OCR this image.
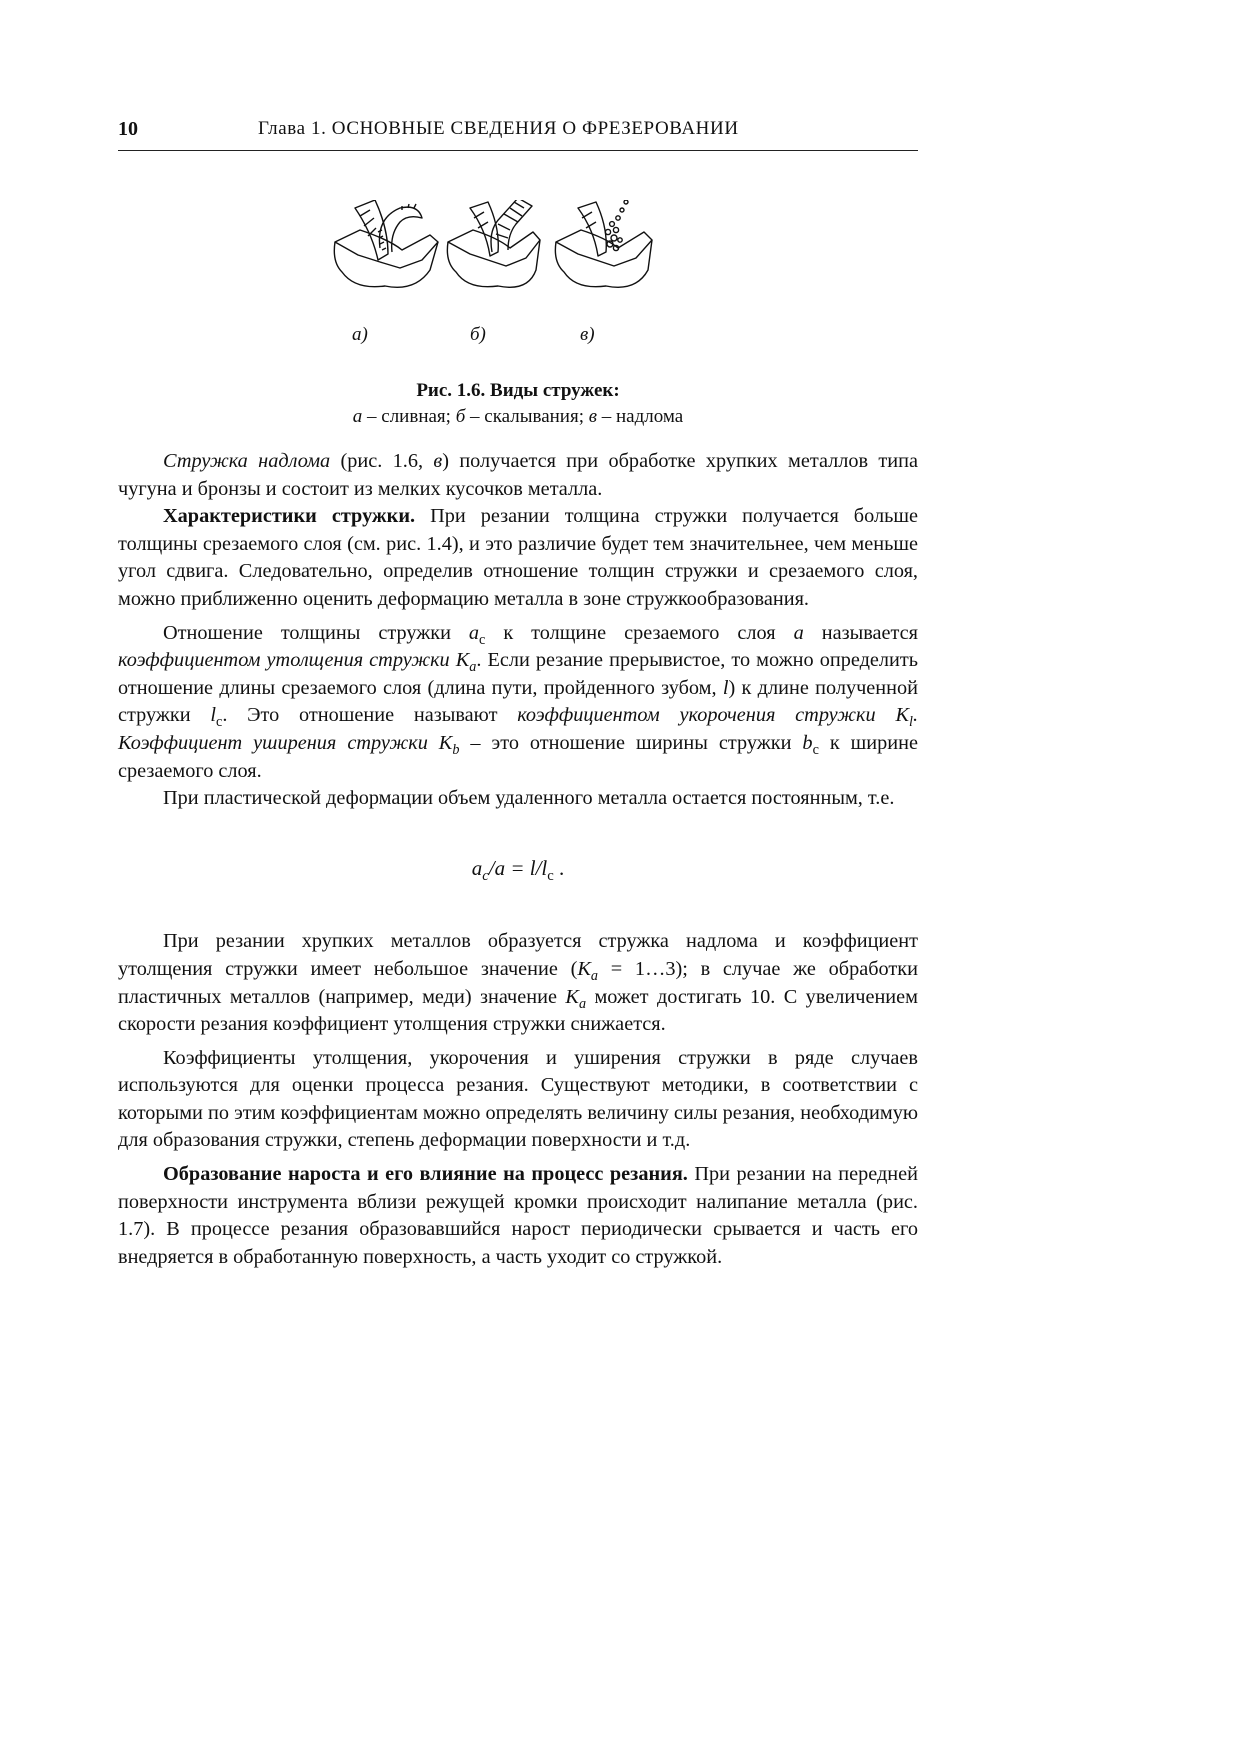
10	Глава 1. ОСНОВНЫЕ СВЕДЕНИЯ О ФРЕЗЕРОВАНИИ
а)	б)	в)
Рис. 1.6. Виды стружек:
а – сливная; б – скалывания; в – надлома

Стружка надлома (рис. 1.6, в) получается при обработке хрупких металлов типа чугуна и бронзы и состоит из мелких кусочков металла.

Характеристики стружки. При резании толщина стружки получается больше толщины срезаемого слоя (см. рис. 1.4), и это различие будет тем значительнее, чем меньше угол сдвига. Следовательно, определив отношение толщин стружки и срезаемого слоя, можно приближенно оценить деформацию металла в зоне стружкообразования.

Отношение толщины стружки $a_с$ к толщине срезаемого слоя a называется коэффициентом утолщения стружки $K_a$. Если резание прерывистое, то можно определить отношение длины срезаемого слоя (длина пути, пройденного зубом, l) к длине полученной стружки $l_с$. Это отношение называют коэффициентом укорочения стружки $K_l$. Коэффициент уширения стружки $K_b$ – это отношение ширины стружки $b_с$ к ширине срезаемого слоя.

При пластической деформации объем удаленного металла остается постоянным, т.е.

$a_c/a = l/l_с$ .

При резании хрупких металлов образуется стружка надлома и коэффициент утолщения стружки имеет небольшое значение ($K_a$ = 1…3); в случае же обработки пластичных металлов (например, меди) значение $K_a$ может достигать 10. С увеличением скорости резания коэффициент утолщения стружки снижается.

Коэффициенты утолщения, укорочения и уширения стружки в ряде случаев используются для оценки процесса резания. Существуют методики, в соответствии с которыми по этим коэффициентам можно определять величину силы резания, необходимую для образования стружки, степень деформации поверхности и т.д.

Образование нароста и его влияние на процесс резания. При резании на передней поверхности инструмента вблизи режущей кромки происходит налипание металла (рис. 1.7). В процессе резания образовавшийся нарост периодически срывается и часть его внедряется в обработанную поверхность, а часть уходит со стружкой.
